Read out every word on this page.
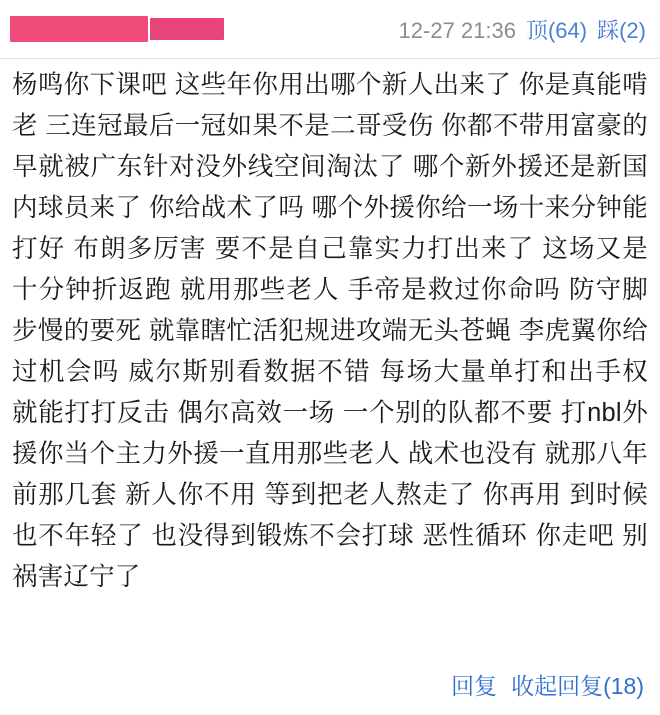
12-27 21:36 顶(64) 踩(2)
杨鸣你下课吧 这些年你用出哪个新人出来了 你是真能啃老 三连冠最后一冠如果不是二哥受伤 你都不带用富豪的 早就被广东针对没外线空间淘汰了 哪个新外援还是新国内球员来了 你给战术了吗 哪个外援你给一场十来分钟能打好 布朗多厉害 要不是自己靠实力打出来了 这场又是十分钟折返跑 就用那些老人 手帝是救过你命吗 防守脚步慢的要死 就靠瞎忙活犯规进攻端无头苍蝇 李虎翼你给过机会吗 威尔斯别看数据不错 每场大量单打和出手权 就能打打反击 偶尔高效一场 一个别的队都不要 打nbl外援你当个主力外援一直用那些老人 战术也没有 就那八年前那几套 新人你不用 等到把老人熬走了 你再用 到时候也不年轻了 也没得到锻炼不会打球 恶性循环 你走吧 别祸害辽宁了
回复 收起回复(18)
